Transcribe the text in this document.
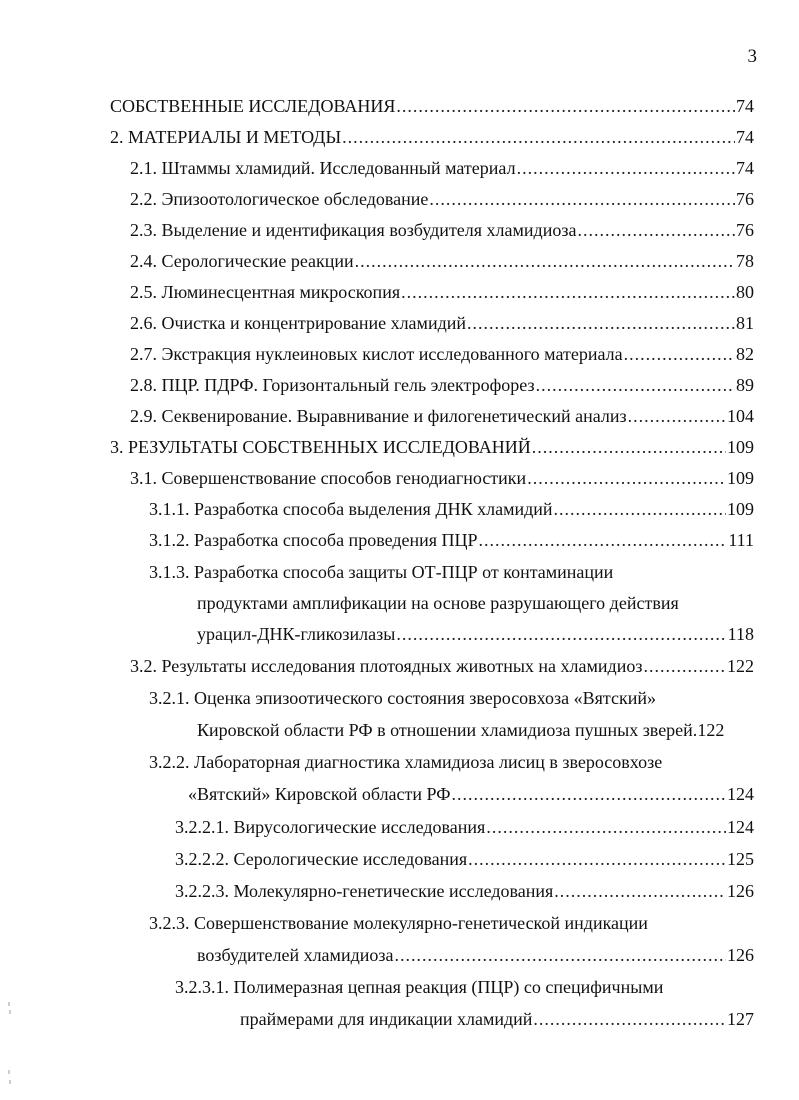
3
СОБСТВЕННЫЕ ИССЛЕДОВАНИЯ .....	74
2. МАТЕРИАЛЫ И МЕТОДЫ .....	74
2.1. Штаммы хламидий. Исследованный материал .....	74
2.2. Эпизоотологическое обследование .....	76
2.3. Выделение и идентификация возбудителя хламидиоза .....	76
2.4. Серологические реакции .....	78
2.5. Люминесцентная микроскопия .....	80
2.6. Очистка и концентрирование хламидий .....	81
2.7. Экстракция нуклеиновых кислот исследованного материала .....	82
2.8. ПЦР. ПДРФ. Горизонтальный гель электрофорез .....	89
2.9. Секвенирование. Выравнивание и филогенетический анализ .....	104
3. РЕЗУЛЬТАТЫ СОБСТВЕННЫХ ИССЛЕДОВАНИЙ .....	109
3.1. Совершенствование способов генодиагностики .....	109
3.1.1. Разработка способа выделения ДНК хламидий .....	109
3.1.2. Разработка способа проведения ПЦР .....	111
3.1.3. Разработка способа защиты ОТ-ПЦР от контаминации
продуктами амплификации на основе разрушающего действия
урацил-ДНК-гликозилазы .....	118
3.2. Результаты исследования плотоядных животных на хламидиоз .....	122
3.2.1. Оценка эпизоотического состояния зверосовхоза «Вятский»
Кировской области РФ в отношении хламидиоза пушных зверей. 122
3.2.2. Лабораторная диагностика хламидиоза лисиц в зверосовхозе
«Вятский» Кировской области РФ .....	124
3.2.2.1. Вирусологические исследования .....	124
3.2.2.2. Серологические исследования .....	125
3.2.2.3. Молекулярно-генетические исследования .....	126
3.2.3. Совершенствование молекулярно-генетической индикации
возбудителей хламидиоза .....	126
3.2.3.1. Полимеразная цепная реакция (ПЦР) со специфичными
праймерами для индикации хламидий .....	127
